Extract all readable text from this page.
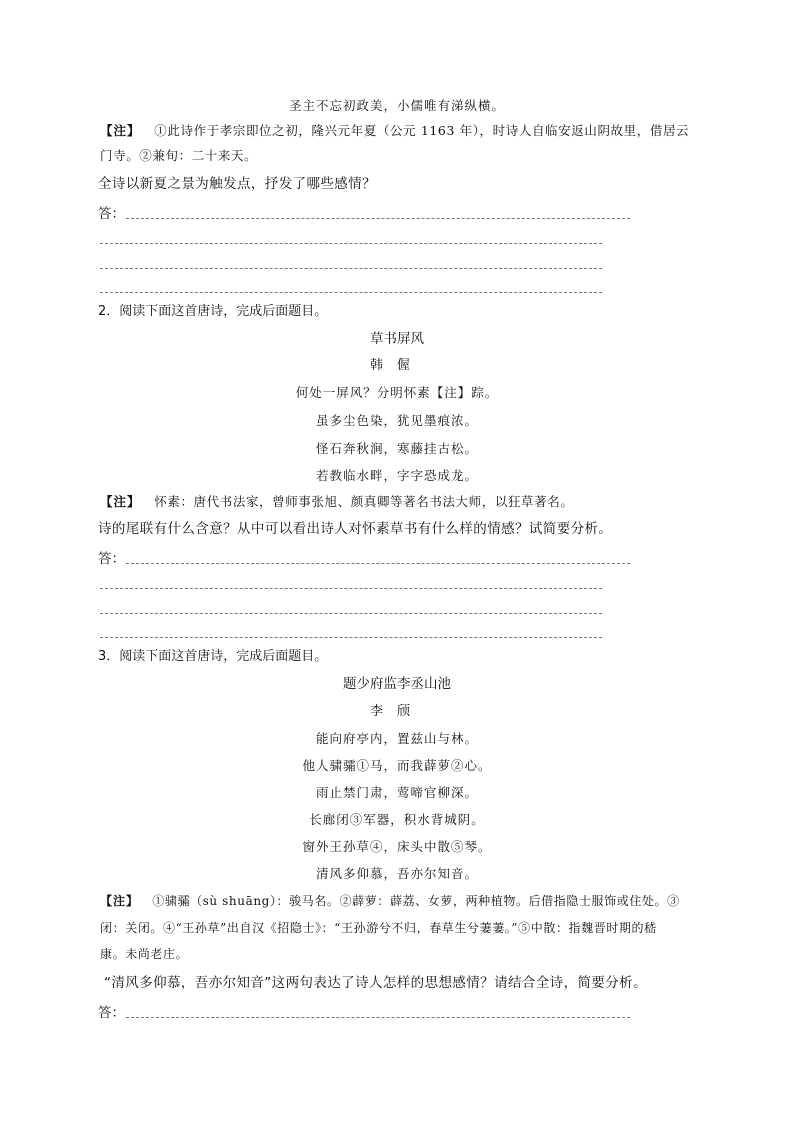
圣主不忘初政美，小儒唯有涕纵横。
【注】 ①此诗作于孝宗即位之初，隆兴元年夏（公元 1163 年），时诗人自临安返山阴故里，借居云
门寺。②兼旬：二十来天。
全诗以新夏之景为触发点，抒发了哪些感情？
答：
2．阅读下面这首唐诗，完成后面题目。
草书屏风
韩偓
何处一屏风？分明怀素【注】踪。
虽多尘色染，犹见墨痕浓。
怪石奔秋涧，寒藤挂古松。
若教临水畔，字字恐成龙。
【注】 怀素：唐代书法家，曾师事张旭、颜真卿等著名书法大师，以狂草著名。
诗的尾联有什么含意？从中可以看出诗人对怀素草书有什么样的情感？试简要分析。
答：
3．阅读下面这首唐诗，完成后面题目。
题少府监李丞山池
李颀
能向府亭内，置兹山与林。
他人骕骦①马，而我薜萝②心。
雨止禁门肃，莺啼官柳深。
长廊闭③军器，积水背城阴。
窗外王孙草④，床头中散⑤琴。
清风多仰慕，吾亦尔知音。
【注】 ①骕骦（sù shuāng）：骏马名。②薜萝：薜荔、女萝，两种植物。后借指隐士服饰或住处。③
闭：关闭。④“王孙草”出自汉《招隐士》：“王孙游兮不归，春草生兮萋萋。”⑤中散：指魏晋时期的嵇
康。未尚老庄。
“清风多仰慕，吾亦尔知音”这两句表达了诗人怎样的思想感情？请结合全诗，简要分析。
答：
